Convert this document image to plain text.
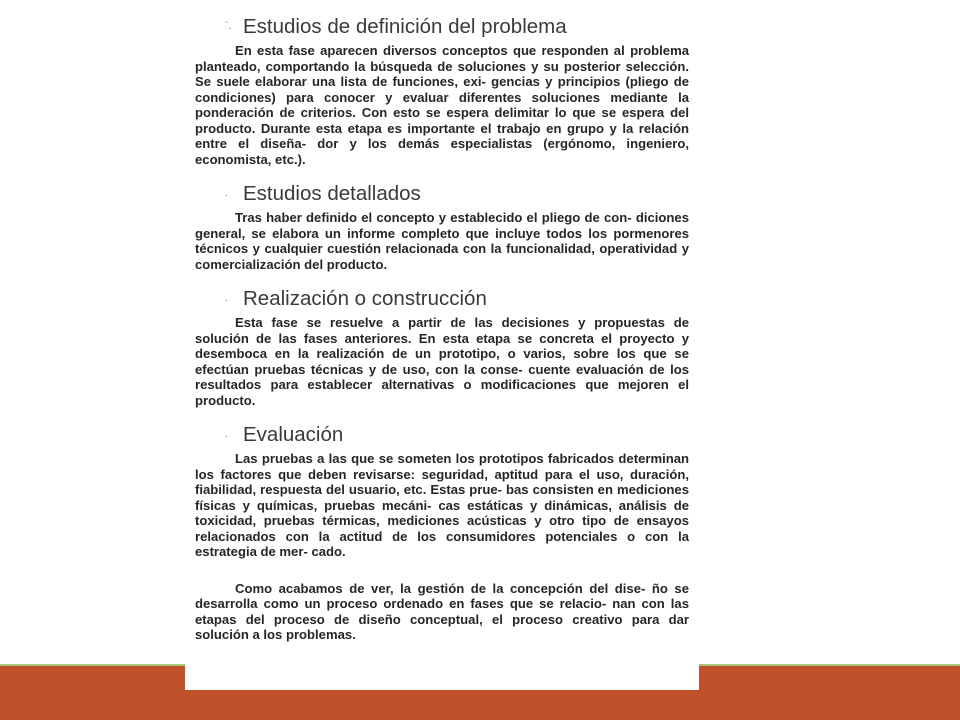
`. Estudios de definición del problema

En esta fase aparecen diversos conceptos que responden al problema planteado, comportando la búsqueda de soluciones y su posterior selección. Se suele elaborar una lista de funciones, exi- gencias y principios (pliego de condiciones) para conocer y evaluar diferentes soluciones mediante la ponderación de criterios. Con esto se espera delimitar lo que se espera del producto. Durante esta etapa es importante el trabajo en grupo y la relación entre el diseña- dor y los demás especialistas (ergónomo, ingeniero, economista, etc.).

. Estudios detallados

Tras haber definido el concepto y establecido el pliego de con- diciones general, se elabora un informe completo que incluye todos los pormenores técnicos y cualquier cuestión relacionada con la funcionalidad, operatividad y comercialización del producto.

. Realización o construcción

Esta fase se resuelve a partir de las decisiones y propuestas de solución de las fases anteriores. En esta etapa se concreta el proyecto y desemboca en la realización de un prototipo, o varios, sobre los que se efectúan pruebas técnicas y de uso, con la conse- cuente evaluación de los resultados para establecer alternativas o modificaciones que mejoren el producto.

. Evaluación

Las pruebas a las que se someten los prototipos fabricados determinan los factores que deben revisarse: seguridad, aptitud para el uso, duración, fiabilidad, respuesta del usuario, etc. Estas prue- bas consisten en mediciones físicas y químicas, pruebas mecáni- cas estáticas y dinámicas, análisis de toxicidad, pruebas térmicas, mediciones acústicas y otro tipo de ensayos relacionados con la actitud de los consumidores potenciales o con la estrategia de mer- cado.

Como acabamos de ver, la gestión de la concepción del dise- ño se desarrolla como un proceso ordenado en fases que se relacio- nan con las etapas del proceso de diseño conceptual, el proceso creativo para dar solución a los problemas.
